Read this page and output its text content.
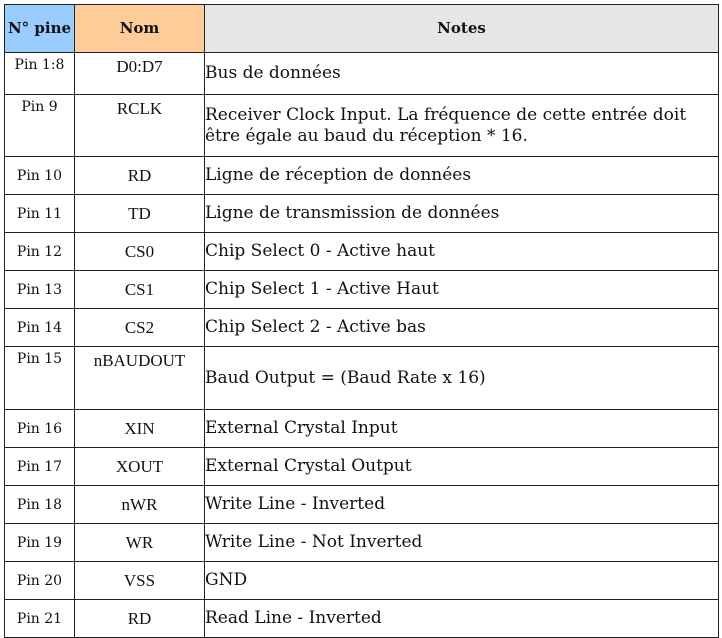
N° pine	Nom	Notes
Pin 1:8	D0:D7	Bus de données
Pin 9	RCLK	Receiver Clock Input. La fréquence de cette entrée doit être égale au baud du réception * 16.
Pin 10	RD	Ligne de réception de données
Pin 11	TD	Ligne de transmission de données
Pin 12	CS0	Chip Select 0 - Active haut
Pin 13	CS1	Chip Select 1 - Active Haut
Pin 14	CS2	Chip Select 2 - Active bas
Pin 15	nBAUDOUT	Baud Output = (Baud Rate x 16)
Pin 16	XIN	External Crystal Input
Pin 17	XOUT	External Crystal Output
Pin 18	nWR	Write Line - Inverted
Pin 19	WR	Write Line - Not Inverted
Pin 20	VSS	GND
Pin 21	RD	Read Line - Inverted
